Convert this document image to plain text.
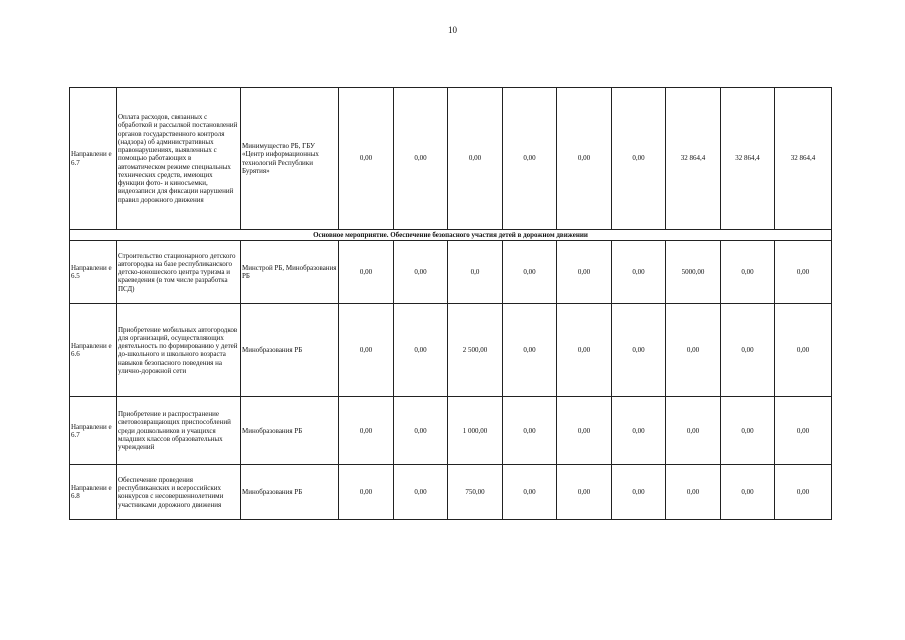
10
Направлени е 6.7	Оплата расходов, связанных с обработкой и рассылкой постановлений органов государственного контроля (надзора) об административных правонарушениях, выявленных с помощью работающих в автоматическом режиме специальных технических средств, имеющих функции фото- и киносъемки, видеозаписи для фиксации нарушений правил дорожного движения	Минимущество РБ, ГБУ «Центр информационных технологий Республики Бурятия»	0,00	0,00	0,00	0,00	0,00	0,00	32 864,4	32 864,4	32 864,4
Основное мероприятие. Обеспечение безопасного участия детей в дорожном движении											
Направлени е 6.5	Строительство стационарного детского автогородка на базе республиканского детско-юношеского центра туризма и краеведения (в том числе разработка ПСД)	Минстрой РБ, Минобразования РБ	0,00	0,00	0,0	0,00	0,00	0,00	5000,00	0,00	0,00
Направлени е 6.6	Приобретение мобильных автогородков для организаций, осуществляющих деятельность по формированию у детей до-школьного и школьного возраста навыков безопасного поведения на улично-дорожной сети	Минобразования РБ	0,00	0,00	2 500,00	0,00	0,00	0,00	0,00	0,00	0,00
Направлени е 6.7	Приобретение и распространение световозвращающих приспособлений среди дошкольников и учащихся младших классов образовательных учреждений	Минобразования РБ	0,00	0,00	1 000,00	0,00	0,00	0,00	0,00	0,00	0,00
Направлени е 6.8	Обеспечение проведения республиканских и всероссийских конкурсов с несовершеннолетними участниками дорожного движения	Минобразования РБ	0,00	0,00	750,00	0,00	0,00	0,00	0,00	0,00	0,00
